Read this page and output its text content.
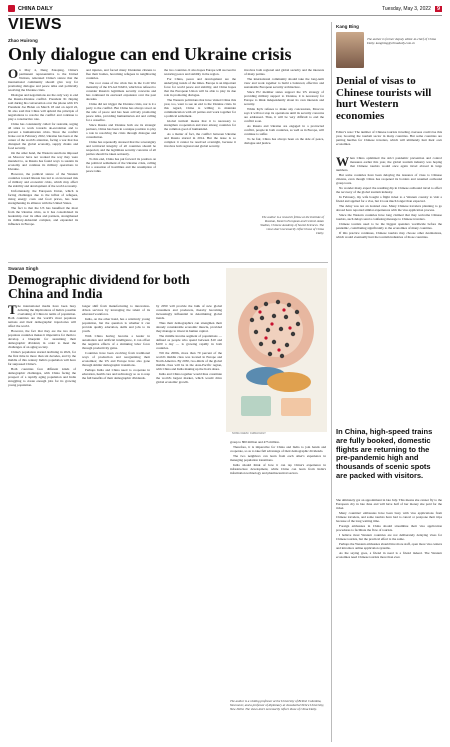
CHINA DAILY	Tuesday, May 3, 2022	9
VIEWS
Zhao Huirong
Only dialogue can end Ukraine crisis
O n May 4, Deng Xiaoping, China's permanent representative to the United Nations, reiterated China's stance that the international community should give way for promoting dialogue and peace talks and politically resolving the Ukraine crisis.

Dialogue and negotiations are the only way to end the Russia-Ukraine conflict. President Xi Jinping said during his conversation over the phone with US President Joe Biden on March 18 and on April 22, Xi also said that China will uphold the principle of negotiations to resolve the conflict and continue to play a constructive role.

China has consistently called for restraint, urging all sides to work towards de-escalation and to prevent a humanitarian crisis. Since the conflict broke out in February 2022, Ukraine has been at the center of the world's attention, facing a war that has disrupted the global economy, supply chains and food security.

On the other hand, the Western sanctions imposed on Moscow have not worked the way they were intended to, as Russia has found ways to sustain its economy and continue its military operations in Ukraine.

However, the political stance of the Western countries toward Russia has led to an increased risk of military and economic crisis, which may affect the stability and development of the world economy.

Unfortunately, the European Union, which is facing challenges due to the influx of refugees, rising energy costs and food prices, has been strengthening its alliance with the United States.

The fact is that the US has benefited the most from the Ukraine crisis, as it has consolidated its leadership over its allies and partners, strengthened its military-industrial complex, and expanded its influence in Europe.

and injuries, and forced many Ukrainian citizens to flee their homes, becoming refugees in neighboring countries.

The root cause of the crisis lies in the Cold War mentality of the US-led NATO, which has refused to consider Russia's legitimate security concerns and has continued its eastward expansion over the past decades.

China did not trigger the Ukraine crisis, nor is it a party to the conflict. But China has always stood on the side of peace and has been actively promoting peace talks, providing humanitarian aid and calling for a ceasefire.

Since Russia and Ukraine both are its strategic partners, China has been in a unique position to play a role in resolving the crisis through dialogue and consultation.

China has repeatedly stressed that the sovereignty and territorial integrity of all countries should be respected, and the legitimate security concerns of all parties should be taken seriously.

To this end, China has put forward its position on the political settlement of the Ukraine crisis, calling for a cessation of hostilities and the resumption of peace talks.

the two countries. It also hopes Europe will succeed in restoring peace and stability in the region.

For China, peace and development are the underlying trends of the times. Europe is an important force for world peace and stability, and China hopes that the European Union will be able to play its due role in promoting dialogue.

The Western politicians that have visited China this year, too, want to see an end to the Ukraine crisis. In this regard, China is willing to maintain communication with all parties and work together for a political settlement.

Global turmoil means that it is necessary to strengthen cooperation and trust among countries for the common good of humankind.

As a matter of fact, the conflict between Ukraine and Russia started in 2014. But the issue is so complex it cannot be resolved overnight, because it involves both regional and global security.

involves both regional and global security and the interests of many parties.

The international community should take the long-term view and work together to build a balanced, effective and sustainable European security architecture.

Since EU member states support the US strategy of providing military support to Ukraine, it is necessary for Europe to think independently about its own interests and security.

While Kyiv refuses to make any concessions, Moscow says it will not stop its operations until its security concerns are addressed. Thus, it will be very difficult to end the conflict soon.

As Russia and Ukraine are engaged in a protracted conflict, people in both countries, as well as in Europe, will continue to suffer.

To be fair, China has always been on the side of peace, dialogue and justice.

The author is a research fellow at the Institute of Russian, Eastern European and Central Asian Studies, Chinese Academy of Social Sciences. The views don't necessarily reflect those of China Daily.
SONG CHEN / CHINA DAILY
Swaran Singh
Demographic dividend for both China and India
T he international media have been busy debating the implications of India's possible overtaking of China in terms of population. Both countries are the world's most populous nations and their demographic trajectories will affect the world.

However, the fact that they are the two most populous countries makes it imperative for them to develop a blueprint for sustaining their demographic dividend, in order to meet the challenges of an aging society.

China's population started declining in 2022, for the first time in more than six decades, and by the middle of this century India's population will have far surpassed China's.

Both countries face different kinds of demographic challenges, with China facing the prospect of a rapidly aging population and India struggling to create enough jobs for its growing young population.

longer shift from manufacturing to innovation-driven services by leveraging the talent of its educated workforce.

India, on the other hand, has a relatively young population, but the question is whether it can provide quality education, skills and jobs to its youth.

With China having become a leader in automation and artificial intelligence, it can offset the negative effects of a shrinking labor force through productivity gains.

Countries have been evolving from traditional ways of production and reorganizing their economies; the US and Europe have also gone through similar demographic transitions.

Perhaps India and China need to cooperate in education, health care and technology so as to reap the full benefits of their demographic dividends.

by 2050 will provide the bulk of new global consumers and producers, thereby becoming increasingly influential in determining global trends.

Thus their demographics can strengthen their already considerable economic muscle, provided they manage to invest in human capital.

The middle income segment of populations — defined as people who spend between $10 and $100 a day — is growing rapidly in both countries.

Till the 2000s, more than 70 percent of the world's middle class was located in Europe and North America. By 2030, two-thirds of the global middle class will be in the Asia-Pacific region, with China and India making up the lion's share.

India and China together would thus constitute the world's largest market, which would drive global economic growth.

group to 800 million and 475 million.

Therefore, it is imperative for China and India to join hands and cooperate, so as to take full advantage of their demographic dividends.

The two neighbors can learn from each other's experience in managing population transitions.

India should think of how it can tap China's experience in infrastructure development, while China can learn from India's information technology and pharmaceutical sectors.

The author is a visiting professor at the University of British Columbia, Vancouver, and a professor of diplomacy at Jawaharlal Nehru University, New Delhi. The views don't necessarily reflect those of China Daily.
Kang Bing
The author is former deputy editor-in-chief of China Daily. kangbing@chinadaily.com.cn
Denial of visas to Chinese tourists will hurt Western economies

Editor's note: The number of Chinese tourists traveling overseas could rise this year, boosting the tourism sector in many countries. But some countries are putting hurdles for Chinese travelers, which will ultimately hurt their own economies.

W hen China optimized the strict pandemic prevention and control measures earlier this year, the global tourism industry was hoping that Chinese tourists would once again travel abroad in large numbers.

But some countries have been delaying the issuance of visas to Chinese citizens, even though China has reopened its borders and resumed outbound group tours.

No wonder many expect the resulting dip in Chinese outbound travel to affect the recovery of the global tourism industry.

In February, my wife bought a flight ticket to a Western country to visit a friend and applied for a visa, but it took much longer than expected.

The delay was not an isolated case. Many Chinese travelers planning to go abroad have reported similar experiences with the visa application process.

Since the Western countries have long claimed that they welcome Chinese tourists, such delays send a confusing message to Chinese travelers.

Chinese tourists used to be the biggest spenders worldwide before the pandemic, contributing significantly to the economies of many countries.

If this practice continues, Chinese tourists may choose other destinations, which would eventually hurt the tourism industries of those countries.

In China, high-speed trains are fully booked, domestic flights are returning to the pre-pandemic high and thousands of scenic spots are packed with visitors.

She ultimately got an appointment in late July. This means she cannot fly to the European city in late June and will have half of her money she paid for the ticket.

Many countries' embassies have been busy with visa applications from Chinese travelers, and some tourists have had to cancel or postpone their trips because of the long waiting time.

Foreign embassies in China should streamline their visa application procedures to facilitate the flow of tourists.

I believe most Western countries are not deliberately delaying visas for Chinese tourists, but the practical effect is the same.

Perhaps the Western embassies should hire more staff, open more visa centers and introduce online application systems.

As the saying goes, a friend in need is a friend indeed. The Western economies need Chinese tourists more than ever.
